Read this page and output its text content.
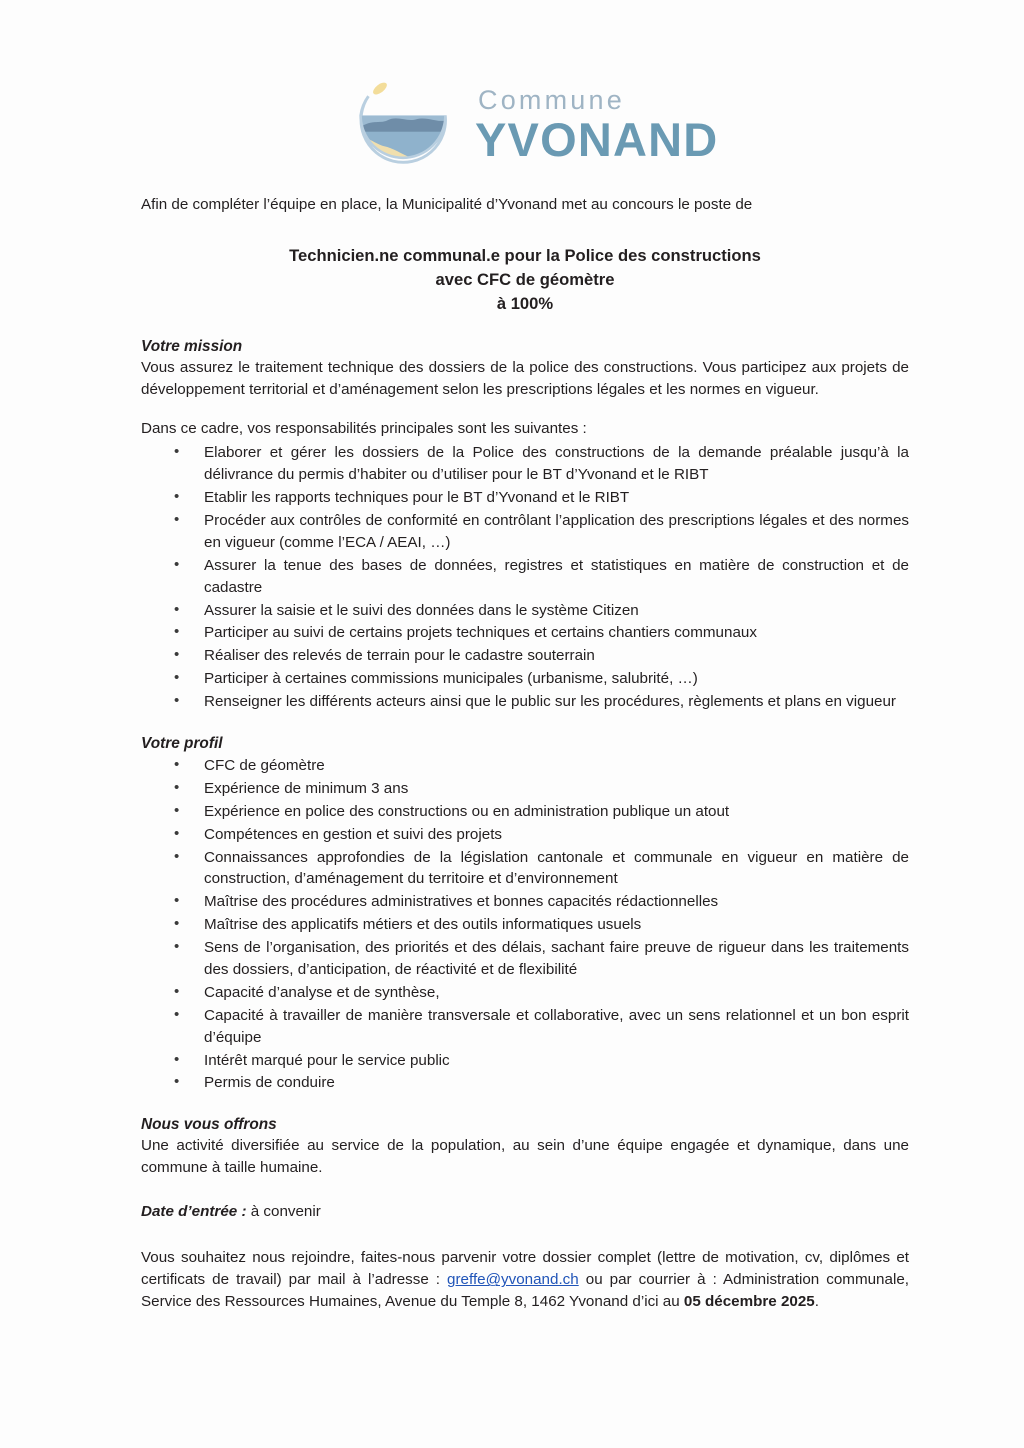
Commune
YVONAND

Afin de compléter l’équipe en place, la Municipalité d’Yvonand met au concours le poste de

Technicien.ne communal.e pour la Police des constructions
avec CFC de géomètre
à 100%
Votre mission

Vous assurez le traitement technique des dossiers de la police des constructions. Vous participez aux projets de développement territorial et d’aménagement selon les prescriptions légales et les normes en vigueur.

Dans ce cadre, vos responsabilités principales sont les suivantes :

• Elaborer et gérer les dossiers de la Police des constructions de la demande préalable jusqu’à la délivrance du permis d’habiter ou d’utiliser pour le BT d’Yvonand et le RIBT
• Etablir les rapports techniques pour le BT d’Yvonand et le RIBT
• Procéder aux contrôles de conformité en contrôlant l’application des prescriptions légales et des normes en vigueur (comme l’ECA / AEAI, …)
• Assurer la tenue des bases de données, registres et statistiques en matière de construction et de cadastre
• Assurer la saisie et le suivi des données dans le système Citizen
• Participer au suivi de certains projets techniques et certains chantiers communaux
• Réaliser des relevés de terrain pour le cadastre souterrain
• Participer à certaines commissions municipales (urbanisme, salubrité, …)
• Renseigner les différents acteurs ainsi que le public sur les procédures, règlements et plans en vigueur
Votre profil
• CFC de géomètre
• Expérience de minimum 3 ans
• Expérience en police des constructions ou en administration publique un atout
• Compétences en gestion et suivi des projets
• Connaissances approfondies de la législation cantonale et communale en vigueur en matière de construction, d’aménagement du territoire et d’environnement
• Maîtrise des procédures administratives et bonnes capacités rédactionnelles
• Maîtrise des applicatifs métiers et des outils informatiques usuels
• Sens de l’organisation, des priorités et des délais, sachant faire preuve de rigueur dans les traitements des dossiers, d’anticipation, de réactivité et de flexibilité
• Capacité d’analyse et de synthèse,
• Capacité à travailler de manière transversale et collaborative, avec un sens relationnel et un bon esprit d’équipe
• Intérêt marqué pour le service public
• Permis de conduire
Nous vous offrons

Une activité diversifiée au service de la population, au sein d’une équipe engagée et dynamique, dans une commune à taille humaine.

Date d’entrée : à convenir

Vous souhaitez nous rejoindre, faites-nous parvenir votre dossier complet (lettre de motivation, cv, diplômes et certificats de travail) par mail à l’adresse : greffe@yvonand.ch ou par courrier à : Administration communale, Service des Ressources Humaines, Avenue du Temple 8, 1462 Yvonand d’ici au 05 décembre 2025.
